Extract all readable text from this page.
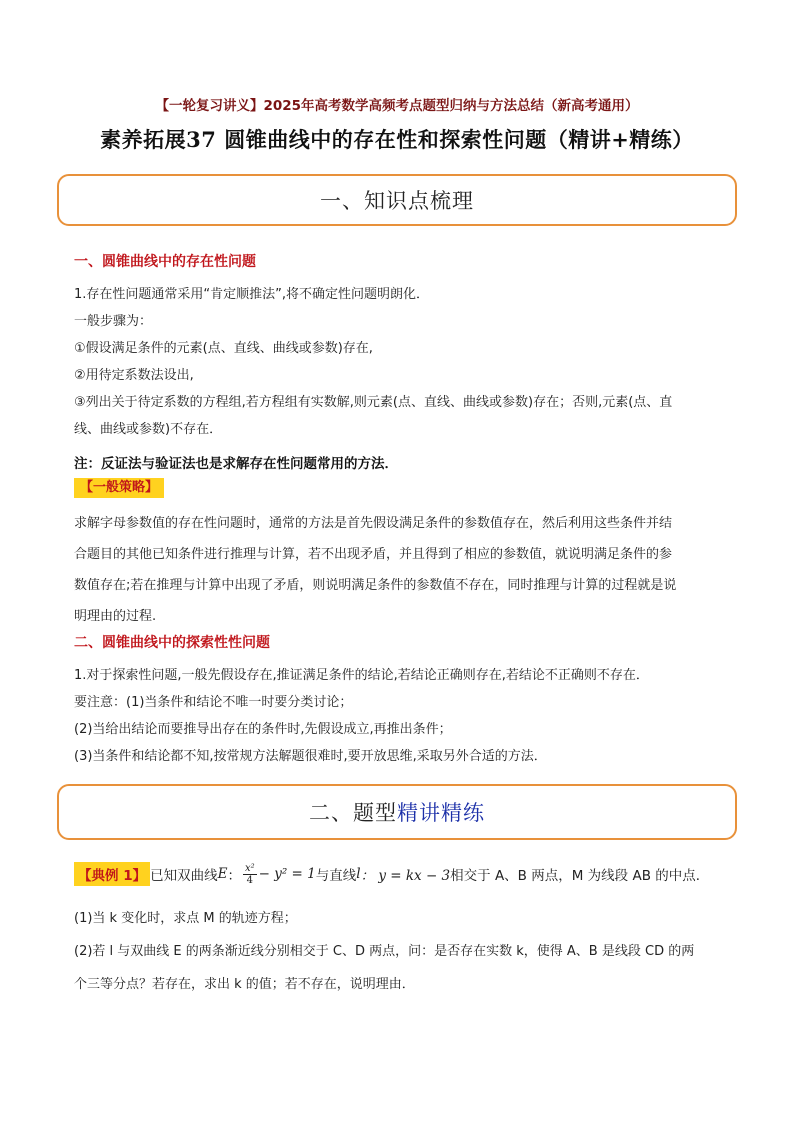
【一轮复习讲义】2025年高考数学高频考点题型归纳与方法总结（新高考通用）
素养拓展37 圆锥曲线中的存在性和探索性问题（精讲+精练）
一、知识点梳理
一、圆锥曲线中的存在性问题
1.存在性问题通常采用“肯定顺推法”,将不确定性问题明朗化．
一般步骤为：
①假设满足条件的元素(点、直线、曲线或参数)存在,
②用待定系数法设出,
③列出关于待定系数的方程组,若方程组有实数解,则元素(点、直线、曲线或参数)存在；否则,元素(点、直
线、曲线或参数)不存在．
注：反证法与验证法也是求解存在性问题常用的方法．
【一般策略】
求解字母参数值的存在性问题时，通常的方法是首先假设满足条件的参数值存在，然后利用这些条件并结
合题目的其他已知条件进行推理与计算，若不出现矛盾，并且得到了相应的参数值，就说明满足条件的参
数值存在;若在推理与计算中出现了矛盾，则说明满足条件的参数值不存在，同时推理与计算的过程就是说
明理由的过程.
二、圆锥曲线中的探索性性问题
1.对于探索性问题,一般先假设存在,推证满足条件的结论,若结论正确则存在,若结论不正确则不存在．
要注意：(1)当条件和结论不唯一时要分类讨论；
(2)当给出结论而要推导出存在的条件时,先假设成立,再推出条件；
(3)当条件和结论都不知,按常规方法解题很难时,要开放思维,采取另外合适的方法．
二、题型 精讲精练
【典例 1】 已知双曲线 E ： $\frac{\text{x²}}{4} - y^2 = 1$ 与直线 l ： y = kx − 3 相交于 A、B 两点，M 为线段 AB 的中点．
(1)当 k 变化时，求点 M 的轨迹方程；
(2)若 l 与双曲线 E 的两条渐近线分别相交于 C、D 两点，问：是否存在实数 k，使得 A、B 是线段 CD 的两
个三等分点？若存在，求出 k 的值；若不存在，说明理由．
